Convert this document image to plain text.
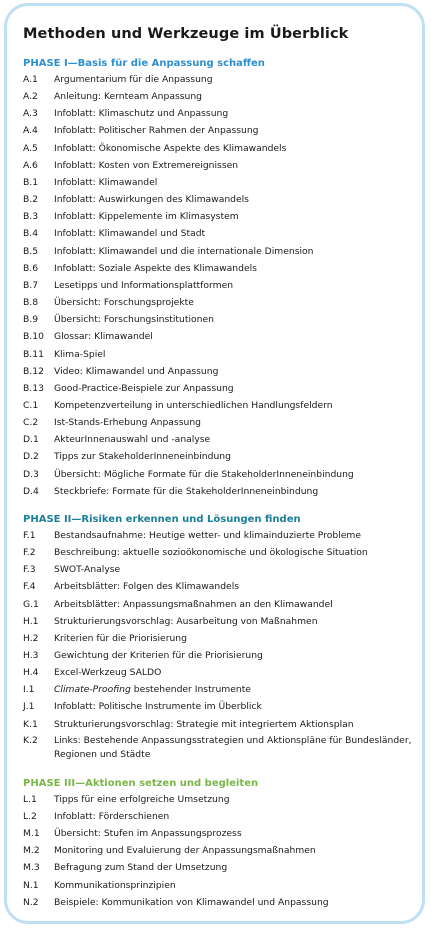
Methoden und Werkzeuge im Überblick
PHASE I—Basis für die Anpassung schaffen
A.1	Argumentarium für die Anpassung
A.2	Anleitung: Kernteam Anpassung
A.3	Infoblatt: Klimaschutz und Anpassung
A.4	Infoblatt: Politischer Rahmen der Anpassung
A.5	Infoblatt: Ökonomische Aspekte des Klimawandels
A.6	Infoblatt: Kosten von Extremereignissen
B.1	Infoblatt: Klimawandel
B.2	Infoblatt: Auswirkungen des Klimawandels
B.3	Infoblatt: Kippelemente im Klimasystem
B.4	Infoblatt: Klimawandel und Stadt
B.5	Infoblatt: Klimawandel und die internationale Dimension
B.6	Infoblatt: Soziale Aspekte des Klimawandels
B.7	Lesetipps und Informationsplattformen
B.8	Übersicht: Forschungsprojekte
B.9	Übersicht: Forschungsinstitutionen
B.10	Glossar: Klimawandel
B.11	Klima-Spiel
B.12	Video: Klimawandel und Anpassung
B.13	Good-Practice-Beispiele zur Anpassung
C.1	Kompetenzverteilung in unterschiedlichen Handlungsfeldern
C.2	Ist-Stands-Erhebung Anpassung
D.1	AkteurInnenauswahl und -analyse
D.2	Tipps zur StakeholderInneneinbindung
D.3	Übersicht: Mögliche Formate für die StakeholderInneneinbindung
D.4	Steckbriefe: Formate für die StakeholderInneneinbindung
PHASE II—Risiken erkennen und Lösungen finden
F.1	Bestandsaufnahme: Heutige wetter- und klimainduzierte Probleme
F.2	Beschreibung: aktuelle sozioökonomische und ökologische Situation
F.3	SWOT-Analyse
F.4	Arbeitsblätter: Folgen des Klimawandels
G.1	Arbeitsblätter: Anpassungsmaßnahmen an den Klimawandel
H.1	Strukturierungsvorschlag: Ausarbeitung von Maßnahmen
H.2	Kriterien für die Priorisierung
H.3	Gewichtung der Kriterien für die Priorisierung
H.4	Excel-Werkzeug SALDO
I.1	Climate-Proofing bestehender Instrumente
J.1	Infoblatt: Politische Instrumente im Überblick
K.1	Strukturierungsvorschlag: Strategie mit integriertem Aktionsplan
K.2	Links: Bestehende Anpassungsstrategien und Aktionspläne für Bundesländer, Regionen und Städte
PHASE III—Aktionen setzen und begleiten
L.1	Tipps für eine erfolgreiche Umsetzung
L.2	Infoblatt: Förderschienen
M.1	Übersicht: Stufen im Anpassungsprozess
M.2	Monitoring und Evaluierung der Anpassungsmaßnahmen
M.3	Befragung zum Stand der Umsetzung
N.1	Kommunikationsprinzipien
N.2	Beispiele: Kommunikation von Klimawandel und Anpassung
